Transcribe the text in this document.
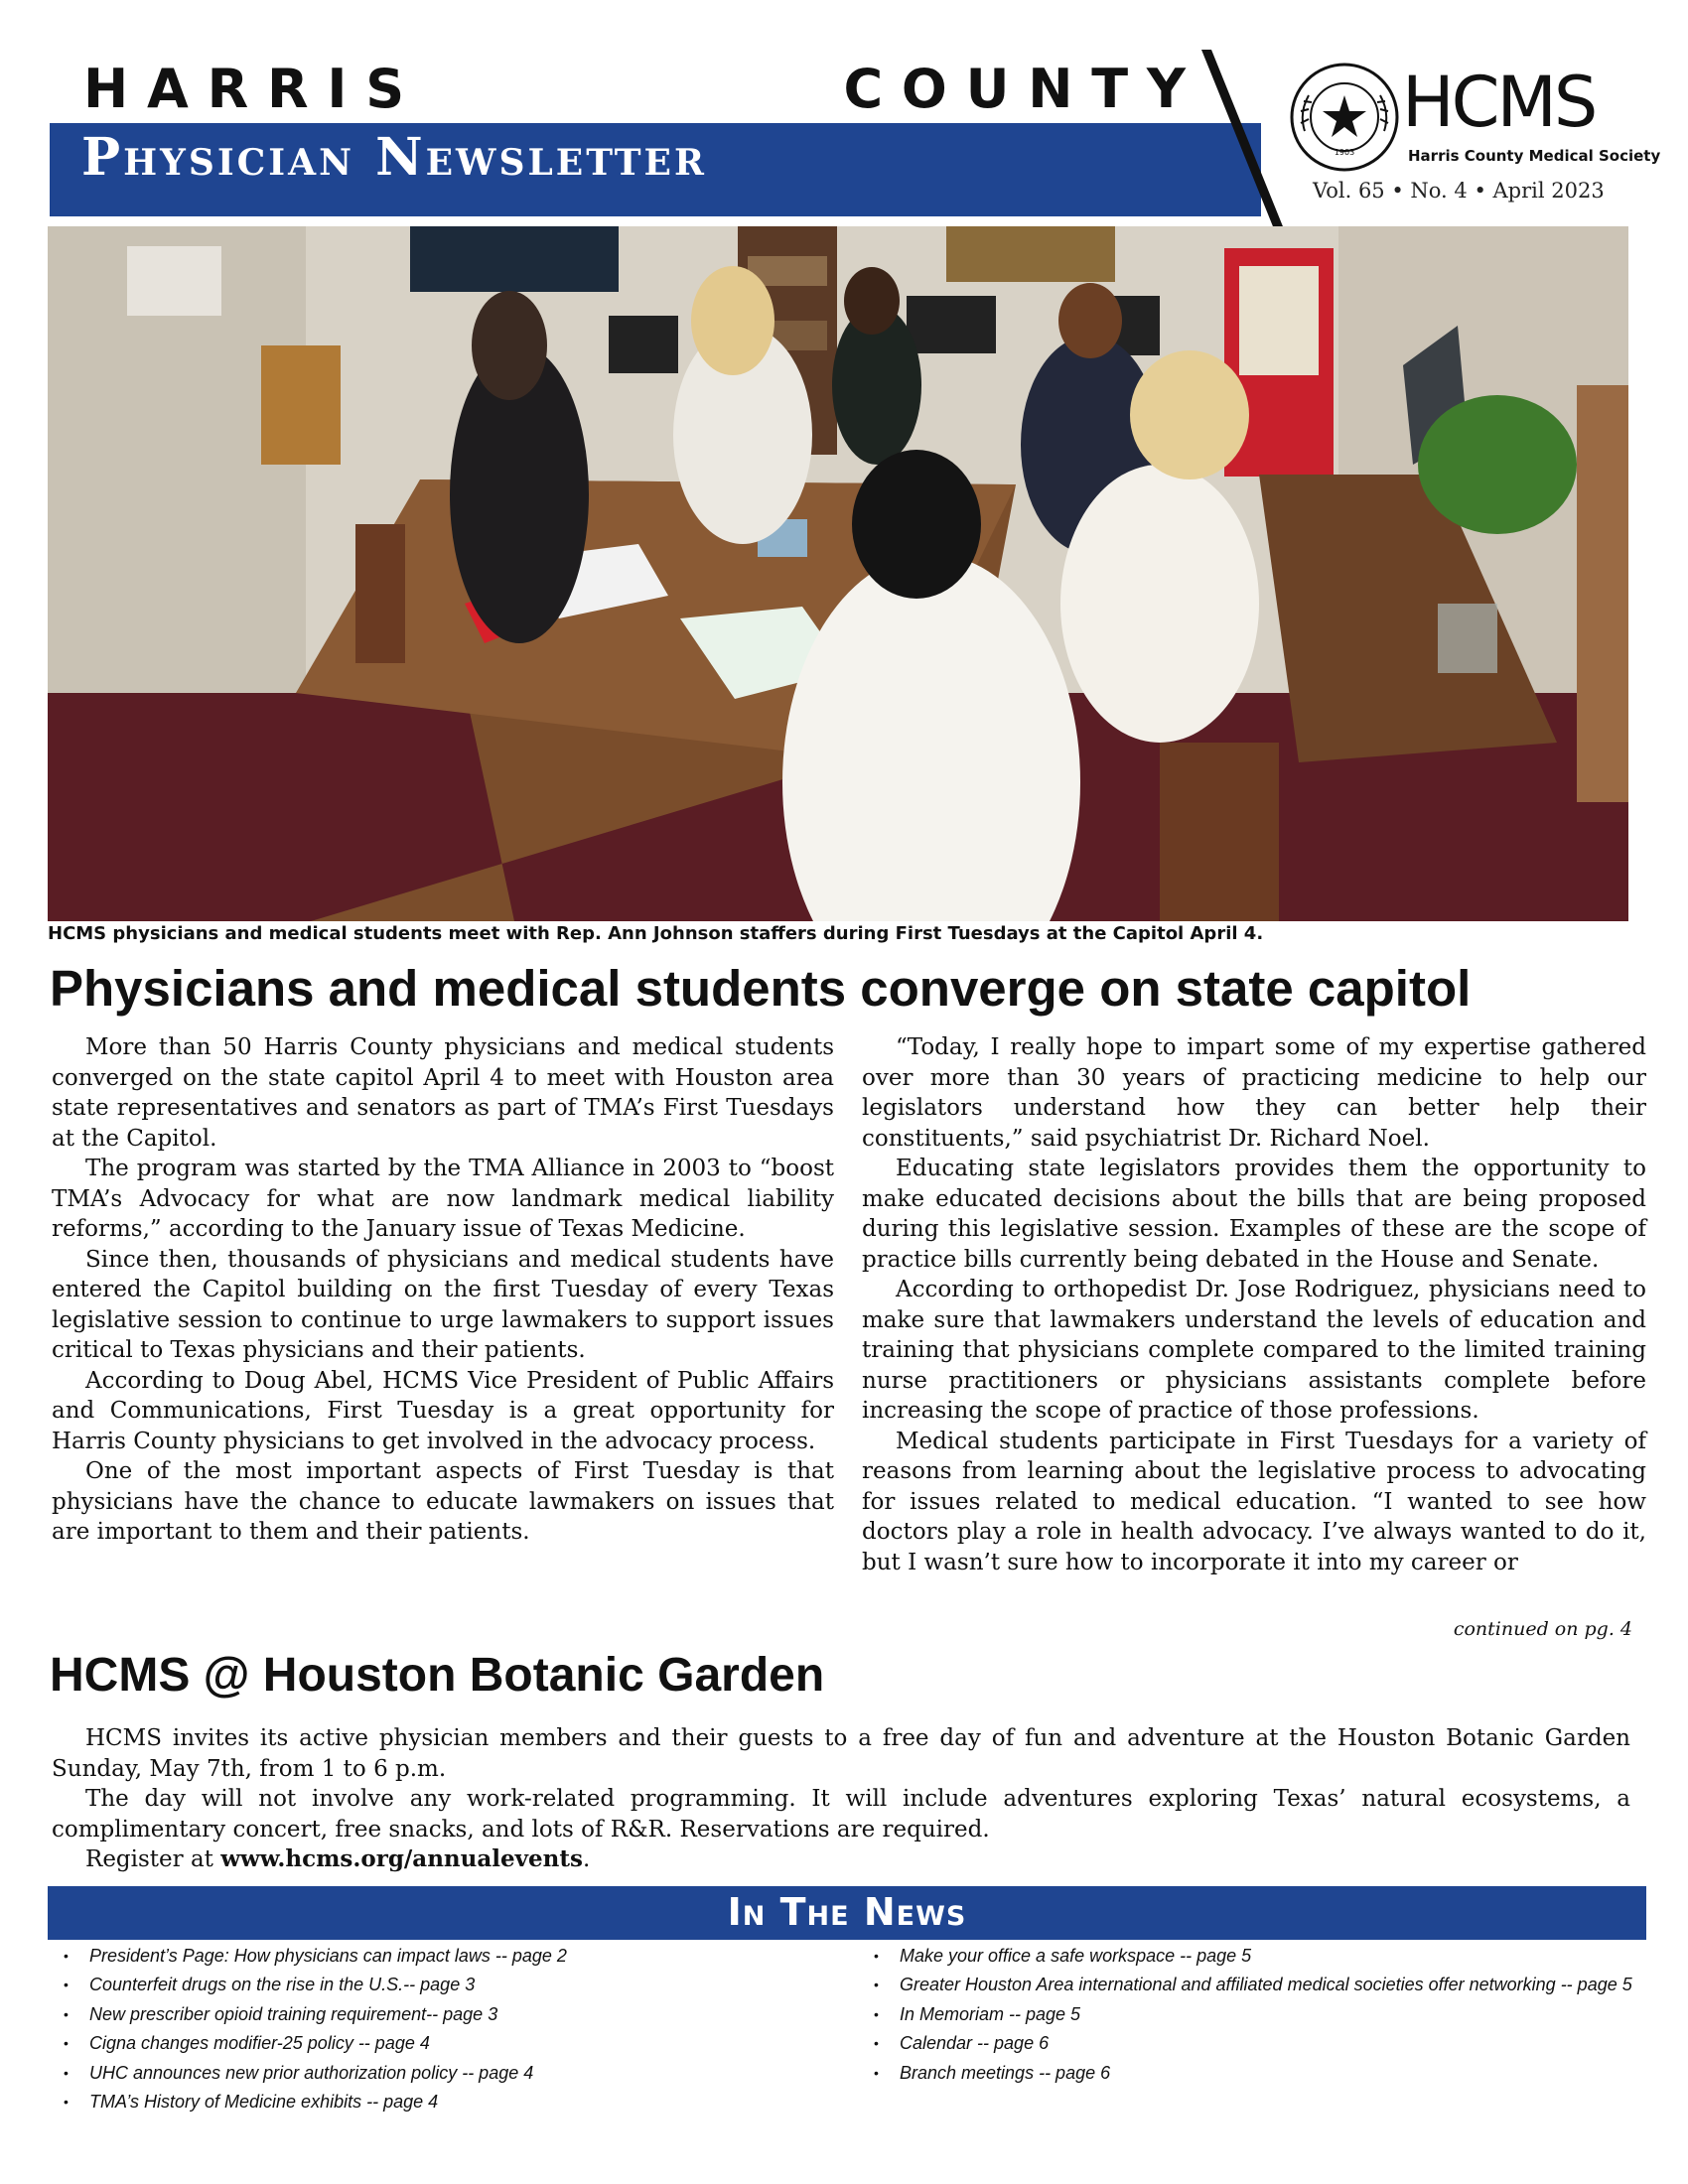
H A R R I S	C O U N T Y
Physician Newsletter	1903
HCMS
Harris County Medical Society
Vol. 65 • No. 4 • April 2023
HCMS physicians and medical students meet with Rep. Ann Johnson staffers during First Tuesdays at the Capitol April 4.
Physicians and medical students converge on state capitol

More than 50 Harris County physicians and medical students converged on the state capitol April 4 to meet with Houston area state representatives and senators as part of TMA’s First Tuesdays at the Capitol.

The program was started by the TMA Alliance in 2003 to “boost TMA’s Advocacy for what are now landmark medical liability reforms,” according to the January issue of Texas Medicine.

Since then, thousands of physicians and medical students have entered the Capitol building on the first Tuesday of every Texas legislative session to continue to urge lawmakers to support issues critical to Texas physicians and their patients.

According to Doug Abel, HCMS Vice President of Public Affairs and Communications, First Tuesday is a great opportunity for Harris County physicians to get involved in the advocacy process.

One of the most important aspects of First Tuesday is that physicians have the chance to educate lawmakers on issues that are important to them and their patients.

“Today, I really hope to impart some of my expertise gathered over more than 30 years of practicing medicine to help our legislators understand how they can better help their constituents,” said psychiatrist Dr. Richard Noel.

Educating state legislators provides them the opportunity to make educated decisions about the bills that are being proposed during this legislative session. Examples of these are the scope of practice bills currently being debated in the House and Senate.

According to orthopedist Dr. Jose Rodriguez, physicians need to make sure that lawmakers understand the levels of education and training that physicians complete compared to the limited training nurse practitioners or physicians assistants complete before increasing the scope of practice of those professions.

Medical students participate in First Tuesdays for a variety of reasons from learning about the legislative process to advocating for issues related to medical education. “I wanted to see how doctors play a role in health advocacy. I’ve always wanted to do it, but I wasn’t sure how to incorporate it into my career or

continued on pg. 4
HCMS @ Houston Botanic Garden

HCMS invites its active physician members and their guests to a free day of fun and adventure at the Houston Botanic Garden Sunday, May 7th, from 1 to 6 p.m.

The day will not involve any work-related programming. It will include adventures exploring Texas’ natural ecosystems, a complimentary concert, free snacks, and lots of R&R. Reservations are required.

Register at www.hcms.org/annualevents.

In The News
• President’s Page: How physicians can impact laws -- page 2
• Counterfeit drugs on the rise in the U.S.-- page 3
• New prescriber opioid training requirement-- page 3
• Cigna changes modifier-25 policy -- page 4
• UHC announces new prior authorization policy -- page 4
• TMA’s History of Medicine exhibits -- page 4
• Make your office a safe workspace -- page 5
• Greater Houston Area international and affiliated medical societies offer networking -- page 5
• In Memoriam -- page 5
• Calendar -- page 6
• Branch meetings -- page 6
